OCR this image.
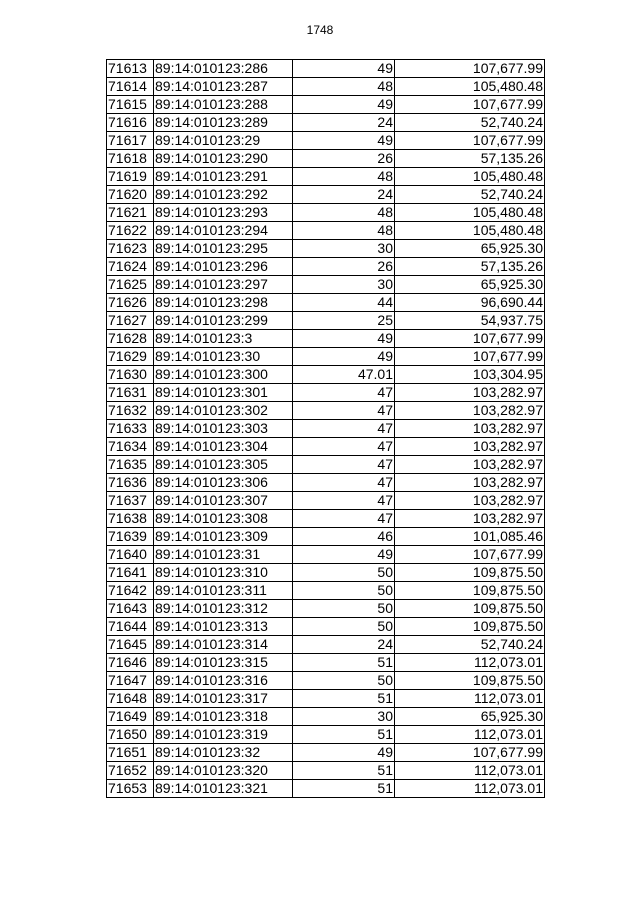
1748
71613	89:14:010123:286	49	107,677.99
71614	89:14:010123:287	48	105,480.48
71615	89:14:010123:288	49	107,677.99
71616	89:14:010123:289	24	52,740.24
71617	89:14:010123:29	49	107,677.99
71618	89:14:010123:290	26	57,135.26
71619	89:14:010123:291	48	105,480.48
71620	89:14:010123:292	24	52,740.24
71621	89:14:010123:293	48	105,480.48
71622	89:14:010123:294	48	105,480.48
71623	89:14:010123:295	30	65,925.30
71624	89:14:010123:296	26	57,135.26
71625	89:14:010123:297	30	65,925.30
71626	89:14:010123:298	44	96,690.44
71627	89:14:010123:299	25	54,937.75
71628	89:14:010123:3	49	107,677.99
71629	89:14:010123:30	49	107,677.99
71630	89:14:010123:300	47.01	103,304.95
71631	89:14:010123:301	47	103,282.97
71632	89:14:010123:302	47	103,282.97
71633	89:14:010123:303	47	103,282.97
71634	89:14:010123:304	47	103,282.97
71635	89:14:010123:305	47	103,282.97
71636	89:14:010123:306	47	103,282.97
71637	89:14:010123:307	47	103,282.97
71638	89:14:010123:308	47	103,282.97
71639	89:14:010123:309	46	101,085.46
71640	89:14:010123:31	49	107,677.99
71641	89:14:010123:310	50	109,875.50
71642	89:14:010123:311	50	109,875.50
71643	89:14:010123:312	50	109,875.50
71644	89:14:010123:313	50	109,875.50
71645	89:14:010123:314	24	52,740.24
71646	89:14:010123:315	51	112,073.01
71647	89:14:010123:316	50	109,875.50
71648	89:14:010123:317	51	112,073.01
71649	89:14:010123:318	30	65,925.30
71650	89:14:010123:319	51	112,073.01
71651	89:14:010123:32	49	107,677.99
71652	89:14:010123:320	51	112,073.01
71653	89:14:010123:321	51	112,073.01
